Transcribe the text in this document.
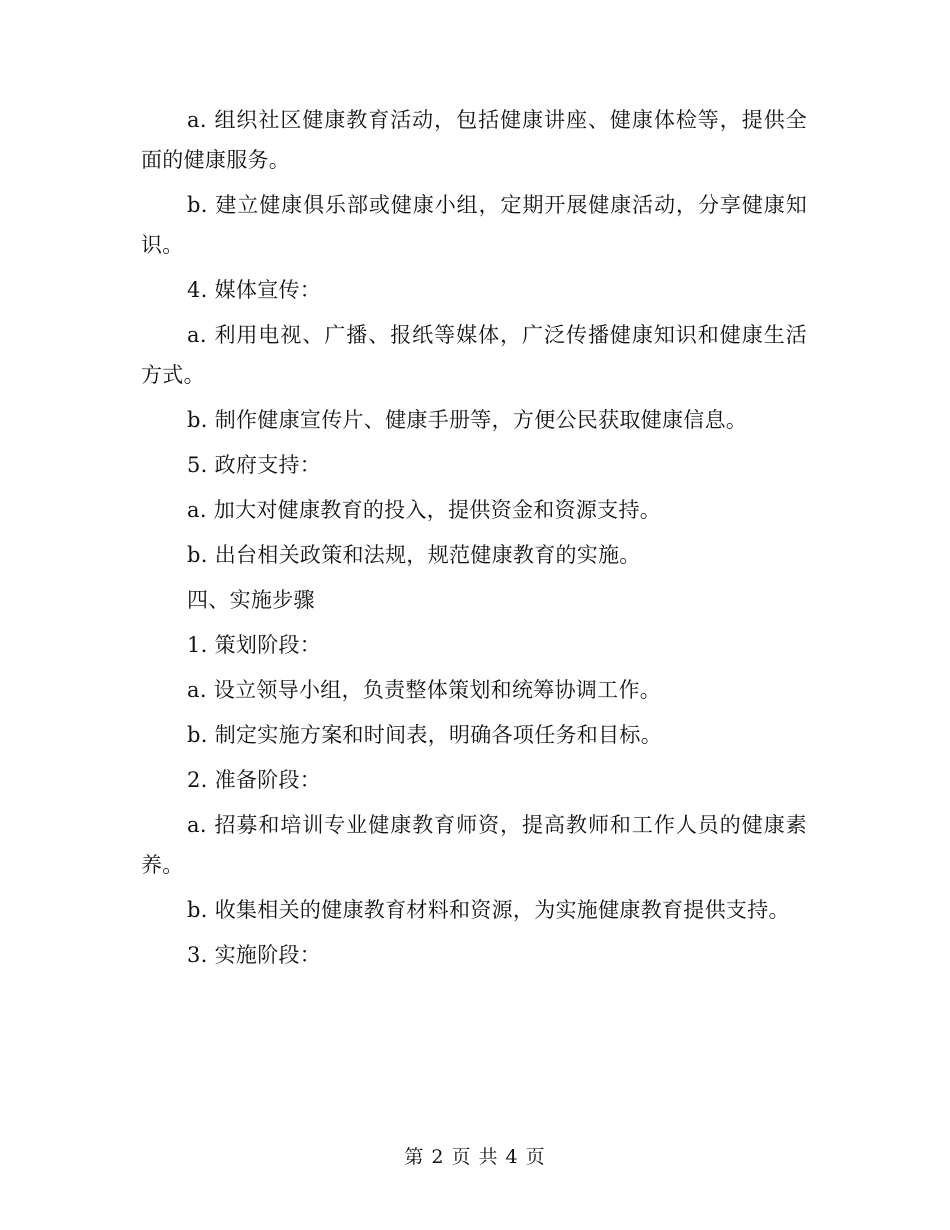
a. 组织社区健康教育活动，包括健康讲座、健康体检等，提供全面的健康服务。

b. 建立健康俱乐部或健康小组，定期开展健康活动，分享健康知识。

4. 媒体宣传：

a. 利用电视、广播、报纸等媒体，广泛传播健康知识和健康生活方式。

b. 制作健康宣传片、健康手册等，方便公民获取健康信息。

5. 政府支持：

a. 加大对健康教育的投入，提供资金和资源支持。

b. 出台相关政策和法规，规范健康教育的实施。

四、实施步骤

1. 策划阶段：

a. 设立领导小组，负责整体策划和统筹协调工作。

b. 制定实施方案和时间表，明确各项任务和目标。

2. 准备阶段：

a. 招募和培训专业健康教育师资，提高教师和工作人员的健康素养。

b. 收集相关的健康教育材料和资源，为实施健康教育提供支持。

3. 实施阶段：

第 2 页 共 4 页
